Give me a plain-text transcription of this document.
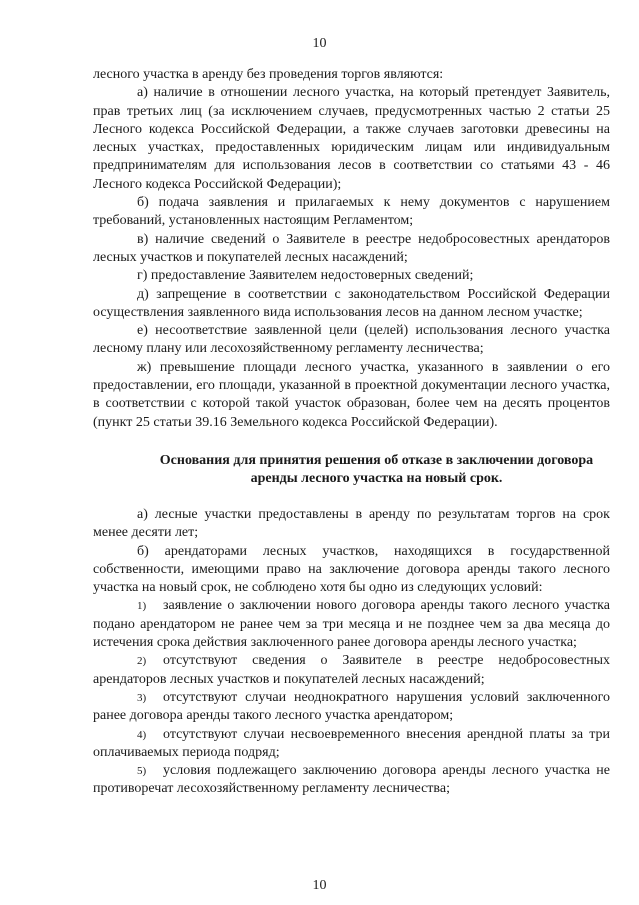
10

лесного участка в аренду без проведения торгов являются:

а) наличие в отношении лесного участка, на который претендует Заявитель, прав третьих лиц (за исключением случаев, предусмотренных частью 2 статьи 25 Лесного кодекса Российской Федерации, а также случаев заготовки древесины на лесных участках, предоставленных юридическим лицам или индивидуальным предпринимателям для использования лесов в соответствии со статьями 43 - 46 Лесного кодекса Российской Федерации);

б) подача заявления и прилагаемых к нему документов с нарушением требований, установленных настоящим Регламентом;

в) наличие сведений о Заявителе в реестре недобросовестных арендаторов лесных участков и покупателей лесных насаждений;

г) предоставление Заявителем недостоверных сведений;

д) запрещение в соответствии с законодательством Российской Федерации осуществления заявленного вида использования лесов на данном лесном участке;

е) несоответствие заявленной цели (целей) использования лесного участка лесному плану или лесохозяйственному регламенту лесничества;

ж) превышение площади лесного участка, указанного в заявлении о его предоставлении, его площади, указанной в проектной документации лесного участка, в соответствии с которой такой участок образован, более чем на десять процентов (пункт 25 статьи 39.16 Земельного кодекса Российской Федерации).

Основания для принятия решения об отказе в заключении договора аренды лесного участка на новый срок.

а) лесные участки предоставлены в аренду по результатам торгов на срок менее десяти лет;

б) арендаторами лесных участков, находящихся в государственной собственности, имеющими право на заключение договора аренды такого лесного участка на новый срок, не соблюдено хотя бы одно из следующих условий:

1) заявление о заключении нового договора аренды такого лесного участка подано арендатором не ранее чем за три месяца и не позднее чем за два месяца до истечения срока действия заключенного ранее договора аренды лесного участка;

2) отсутствуют сведения о Заявителе в реестре недобросовестных арендаторов лесных участков и покупателей лесных насаждений;

3) отсутствуют случаи неоднократного нарушения условий заключенного ранее договора аренды такого лесного участка арендатором;

4) отсутствуют случаи несвоевременного внесения арендной платы за три оплачиваемых периода подряд;

5) условия подлежащего заключению договора аренды лесного участка не противоречат лесохозяйственному регламенту лесничества;

10
